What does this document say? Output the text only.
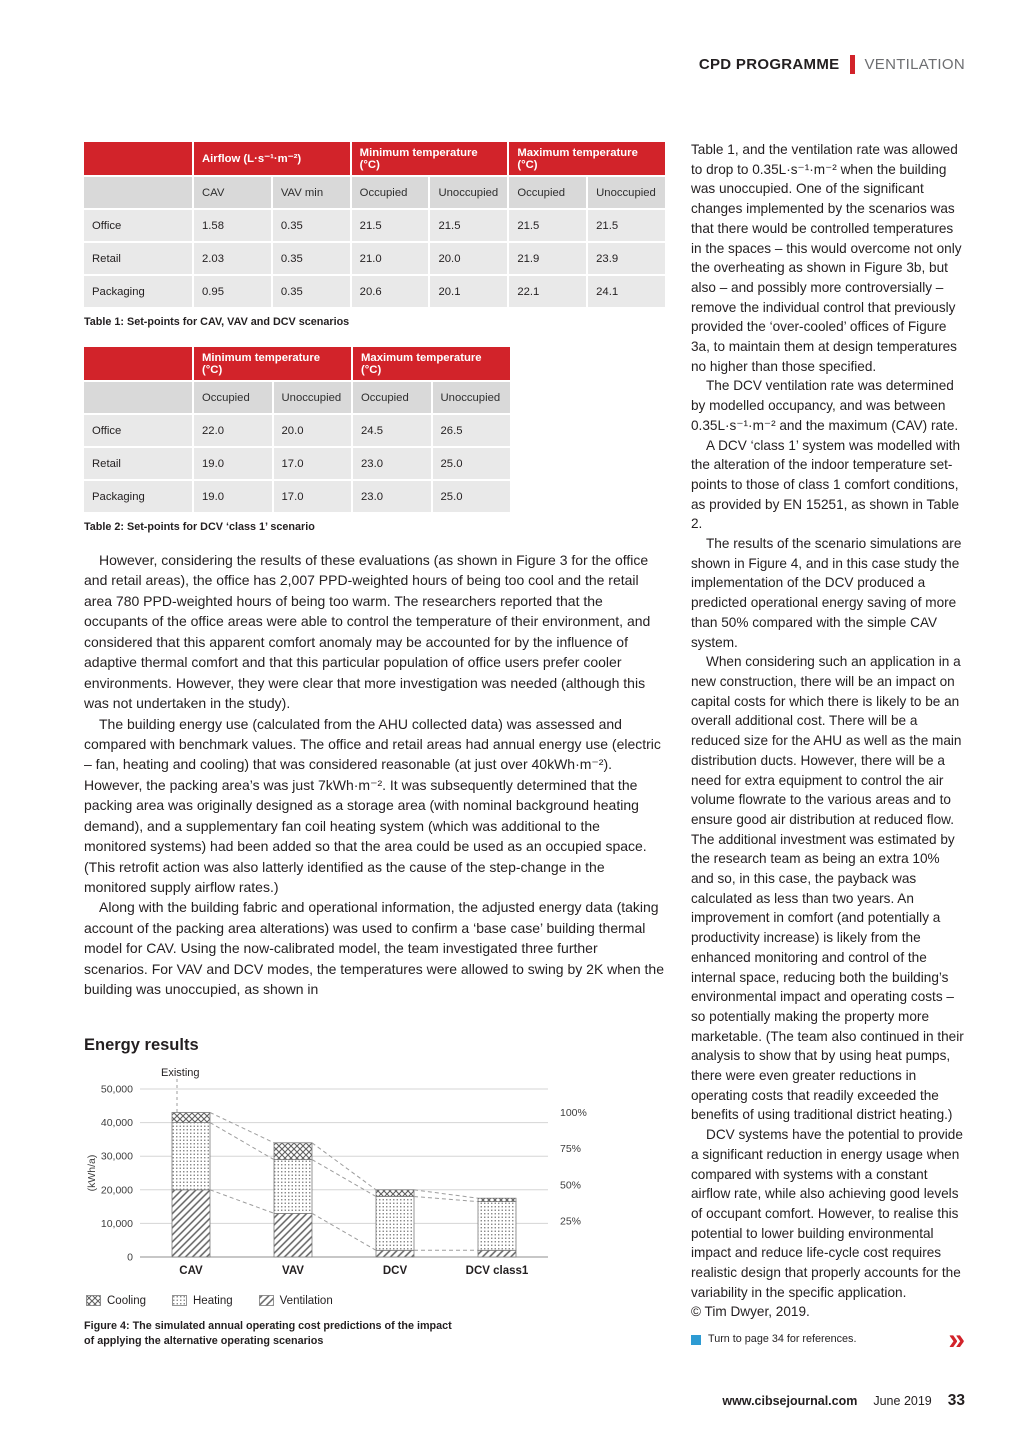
CPD PROGRAMME VENTILATION
	Airflow (L·s⁻¹·m⁻²)		Minimum temperature (°C)		Maximum temperature (°C)	
	CAV	VAV min	Occupied	Unoccupied	Occupied	Unoccupied
Office	1.58	0.35	21.5	21.5	21.5	21.5
Retail	2.03	0.35	21.0	20.0	21.9	23.9
Packaging	0.95	0.35	20.6	20.1	22.1	24.1

Table 1: Set-points for CAV, VAV and DCV scenarios

	Minimum temperature (°C)		Maximum temperature (°C)	
	Occupied	Unoccupied	Occupied	Unoccupied
Office	22.0	20.0	24.5	26.5
Retail	19.0	17.0	23.0	25.0
Packaging	19.0	17.0	23.0	25.0

Table 2: Set-points for DCV ‘class 1’ scenario

However, considering the results of these evaluations (as shown in Figure 3 for the office and retail areas), the office has 2,007 PPD-weighted hours of being too cool and the retail area 780 PPD-weighted hours of being too warm. The researchers reported that the occupants of the office areas were able to control the temperature of their environment, and considered that this apparent comfort anomaly may be accounted for by the influence of adaptive thermal comfort and that this particular population of office users prefer cooler environments. However, they were clear that more investigation was needed (although this was not undertaken in the study).

The building energy use (calculated from the AHU collected data) was assessed and compared with benchmark values. The office and retail areas had annual energy use (electric – fan, heating and cooling) that was considered reasonable (at just over 40kWh·m⁻²). However, the packing area’s was just 7kWh·m⁻². It was subsequently determined that the packing area was originally designed as a storage area (with nominal background heating demand), and a supplementary fan coil heating system (which was additional to the monitored systems) had been added so that the area could be used as an occupied space. (This retrofit action was also latterly identified as the cause of the step-change in the monitored supply airflow rates.)

Along with the building fabric and operational information, the adjusted energy data (taking account of the packing area alterations) was used to confirm a ‘base case’ building thermal model for CAV. Using the now-calibrated model, the team investigated three further scenarios. For VAV and DCV modes, the temperatures were allowed to swing by 2K when the building was unoccupied, as shown in

Energy results
0
10,000
20,000
30,000
40,000
50,000
CAV	VAV	DCV	DCV class1
100%
75%
50%
25%
Existing
(kWh/a)
Cooling	Heating	Ventilation

Figure 4: The simulated annual operating cost predictions of the impact of applying the alternative operating scenarios

Table 1, and the ventilation rate was allowed to drop to 0.35L·s⁻¹·m⁻² when the building was unoccupied. One of the significant changes implemented by the scenarios was that there would be controlled temperatures in the spaces – this would overcome not only the overheating as shown in Figure 3b, but also – and possibly more controversially – remove the individual control that previously provided the ‘over-cooled’ offices of Figure 3a, to maintain them at design temperatures no higher than those specified.

The DCV ventilation rate was determined by modelled occupancy, and was between 0.35L·s⁻¹·m⁻² and the maximum (CAV) rate.

A DCV ‘class 1’ system was modelled with the alteration of the indoor temperature set-points to those of class 1 comfort conditions, as provided by EN 15251, as shown in Table 2.

The results of the scenario simulations are shown in Figure 4, and in this case study the implementation of the DCV produced a predicted operational energy saving of more than 50% compared with the simple CAV system.

When considering such an application in a new construction, there will be an impact on capital costs for which there is likely to be an overall additional cost. There will be a reduced size for the AHU as well as the main distribution ducts. However, there will be a need for extra equipment to control the air volume flowrate to the various areas and to ensure good air distribution at reduced flow. The additional investment was estimated by the research team as being an extra 10% and so, in this case, the payback was calculated as less than two years. An improvement in comfort (and potentially a productivity increase) is likely from the enhanced monitoring and control of the internal space, reducing both the building’s environmental impact and operating costs – so potentially making the property more marketable. (The team also continued in their analysis to show that by using heat pumps, there were even greater reductions in operating costs that readily exceeded the benefits of using traditional district heating.)

DCV systems have the potential to provide a significant reduction in energy usage when compared with systems with a constant airflow rate, while also achieving good levels of occupant comfort. However, to realise this potential to lower building environmental impact and reduce life-cycle cost requires realistic design that properly accounts for the variability in the specific application.

© Tim Dwyer, 2019.

Turn to page 34 for references.	»
www.cibsejournal.com June 2019 33
